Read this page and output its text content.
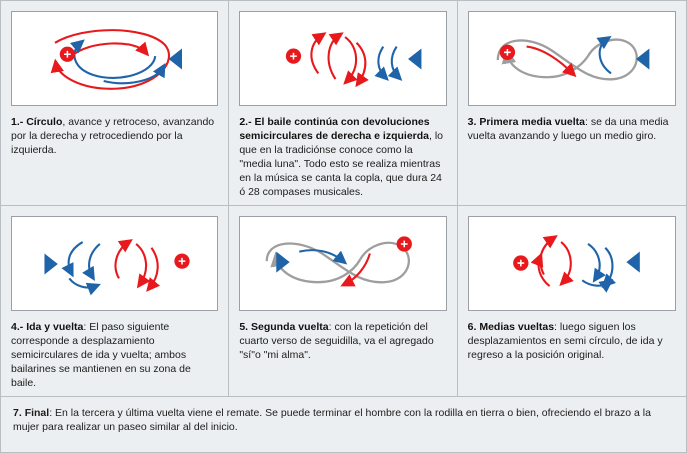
1.- Círculo, avance y retroceso, avanzando por la derecha y retrocediendo por la izquierda.
2.- El baile continúa con devoluciones semicirculares de derecha e izquierda, lo que en la tradiciónse conoce como la "media luna". Todo esto se realiza mientras en la música se canta la copla, que dura 24 ó 28 compases musicales.
3. Primera media vuelta: se da una media vuelta avanzando y luego un medio giro.
4.- Ida y vuelta: El paso siguiente corresponde a desplazamiento semicirculares de ida y vuelta; ambos bailarines se mantienen en su zona de baile.
5. Segunda vuelta: con la repetición del cuarto verso de seguidilla, va el agregado "sí"o "mi alma".
6. Medias vueltas: luego siguen los desplazamientos en semi círculo, de ida y regreso a la posición original.
7. Final: En la tercera y última vuelta viene el remate. Se puede terminar el hombre con la rodilla en tierra o bien, ofreciendo el brazo a la mujer para realizar un paseo similar al del inicio.
